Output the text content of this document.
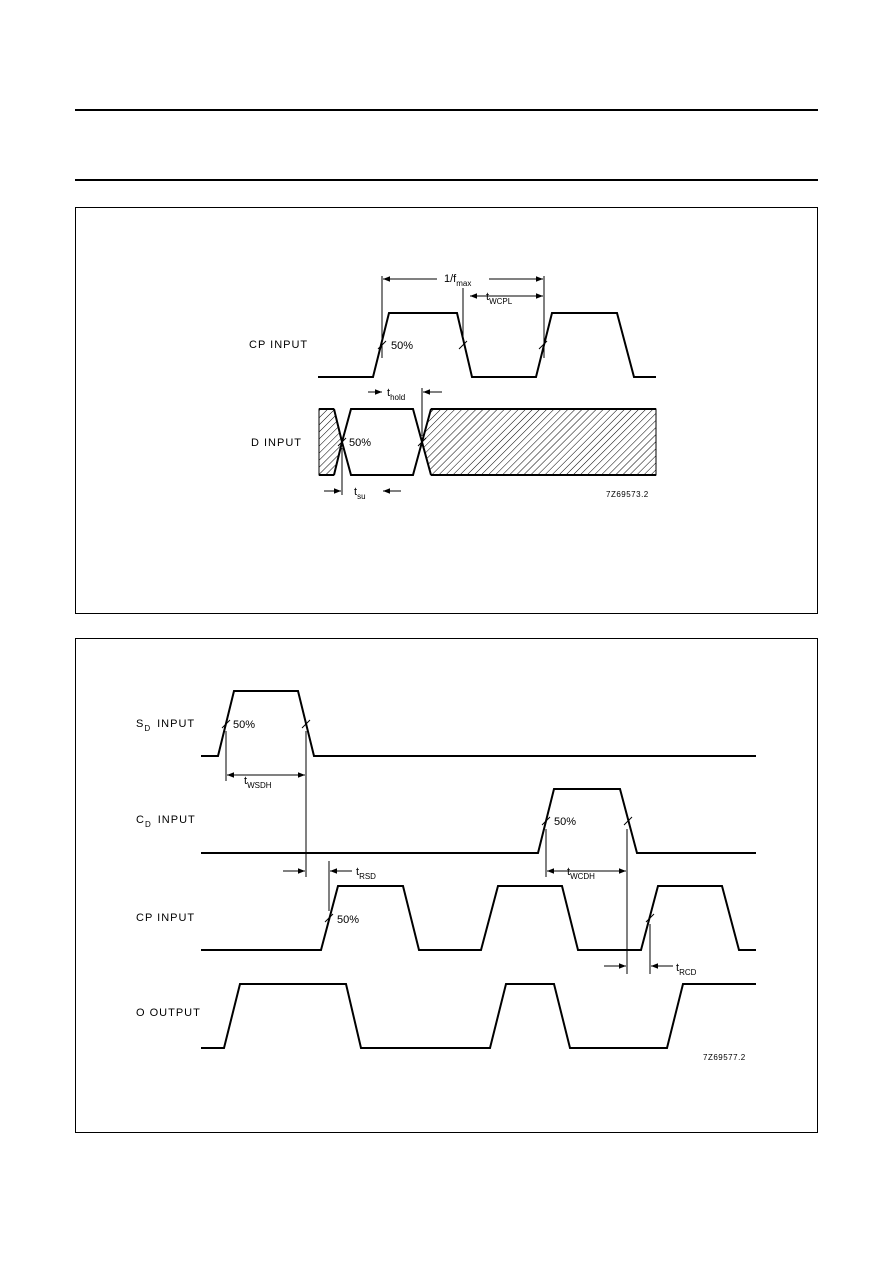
$1/f_{max}$
$t_{WCPL}$
50%
CP INPUT
$t_{hold}$
$t_{su}$
50%
D INPUT
7Z69573.2
50%
$S_D$ INPUT
$t_{WSDH}$
50%
$C_D$ INPUT
$t_{RSD}$	$t_{WCDH}$
50%
CP INPUT
$t_{RCD}$
O OUTPUT
7Z69577.2
